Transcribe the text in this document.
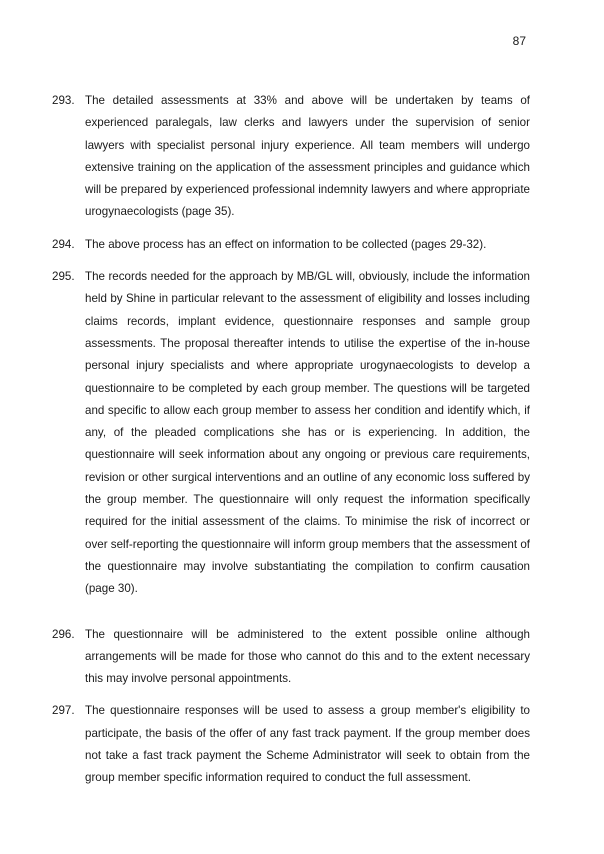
87
293. The detailed assessments at 33% and above will be undertaken by teams of experienced paralegals, law clerks and lawyers under the supervision of senior lawyers with specialist personal injury experience. All team members will undergo extensive training on the application of the assessment principles and guidance which will be prepared by experienced professional indemnity lawyers and where appropriate urogynaecologists (page 35).
294. The above process has an effect on information to be collected (pages 29-32).
295. The records needed for the approach by MB/GL will, obviously, include the information held by Shine in particular relevant to the assessment of eligibility and losses including claims records, implant evidence, questionnaire responses and sample group assessments. The proposal thereafter intends to utilise the expertise of the in-house personal injury specialists and where appropriate urogynaecologists to develop a questionnaire to be completed by each group member. The questions will be targeted and specific to allow each group member to assess her condition and identify which, if any, of the pleaded complications she has or is experiencing. In addition, the questionnaire will seek information about any ongoing or previous care requirements, revision or other surgical interventions and an outline of any economic loss suffered by the group member. The questionnaire will only request the information specifically required for the initial assessment of the claims. To minimise the risk of incorrect or over self-reporting the questionnaire will inform group members that the assessment of the questionnaire may involve substantiating the compilation to confirm causation (page 30).
296. The questionnaire will be administered to the extent possible online although arrangements will be made for those who cannot do this and to the extent necessary this may involve personal appointments.
297. The questionnaire responses will be used to assess a group member's eligibility to participate, the basis of the offer of any fast track payment. If the group member does not take a fast track payment the Scheme Administrator will seek to obtain from the group member specific information required to conduct the full assessment.
